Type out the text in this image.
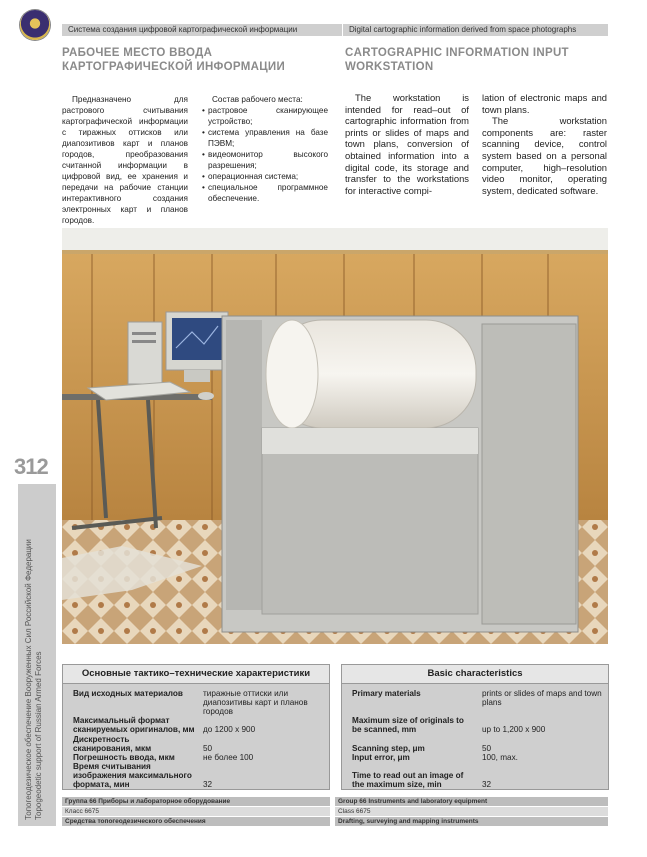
Система создания цифровой картографической информации	Digital cartographic information derived from space photographs
РАБОЧЕЕ МЕСТО ВВОДА
КАРТОГРАФИЧЕСКОЙ ИНФОРМАЦИИ
CARTOGRAPHIC INFORMATION INPUT
WORKSTATION
Предназначено для растрового считывания картографической информации с тиражных оттисков или диапозитивов карт и планов городов, преобразования считанной информации в цифровой вид, ее хранения и передачи на рабочие станции интерактивного создания электронных карт и планов городов.
Состав рабочего места:
• растровое сканирующее устройство;
• система управления на базе ПЭВМ;
• видеомонитор высокого разрешения;
• операционная система;
• специальное программное обеспечение.
The workstation is intended for read–out of cartographic information from prints or slides of maps and town plans, conversion of obtained information into a digital code, its storage and transfer to the workstations for interactive compi-

lation of electronic maps and town plans.

The workstation components are: raster scanning device, control system based on a personal computer, high–resolution video monitor, operating system, dedicated software.

312
Топогеодезическое обеспечение Вооруженных Сил Российской Федерации Topogeodetic support of Russian Armed Forces	Основные тактико–технические характеристики
Вид исходных материалов	тиражные оттиски или диапозитивы карт и планов городов
Максимальный формат сканируемых оригиналов, мм	до 1200 x 900
Дискретность сканирования, мкм	50
Погрешность ввода, мкм	не более 100
Время считывания изображения максимального формата, мин	32
Basic characteristics
Primary materials	prints or slides of maps and town plans
Maximum size of originals to be scanned, mm	up to 1,200 x 900
Scanning step, μm	50
Input error, μm	100, max.
Time to read out an image of the maximum size, min	32
Группа 66 Приборы и лабораторное оборудование	Group 66 Instruments and laboratory equipment
Класс 6675	Class 6675
Средства топогеодезического обеспечения	Drafting, surveying and mapping instruments
